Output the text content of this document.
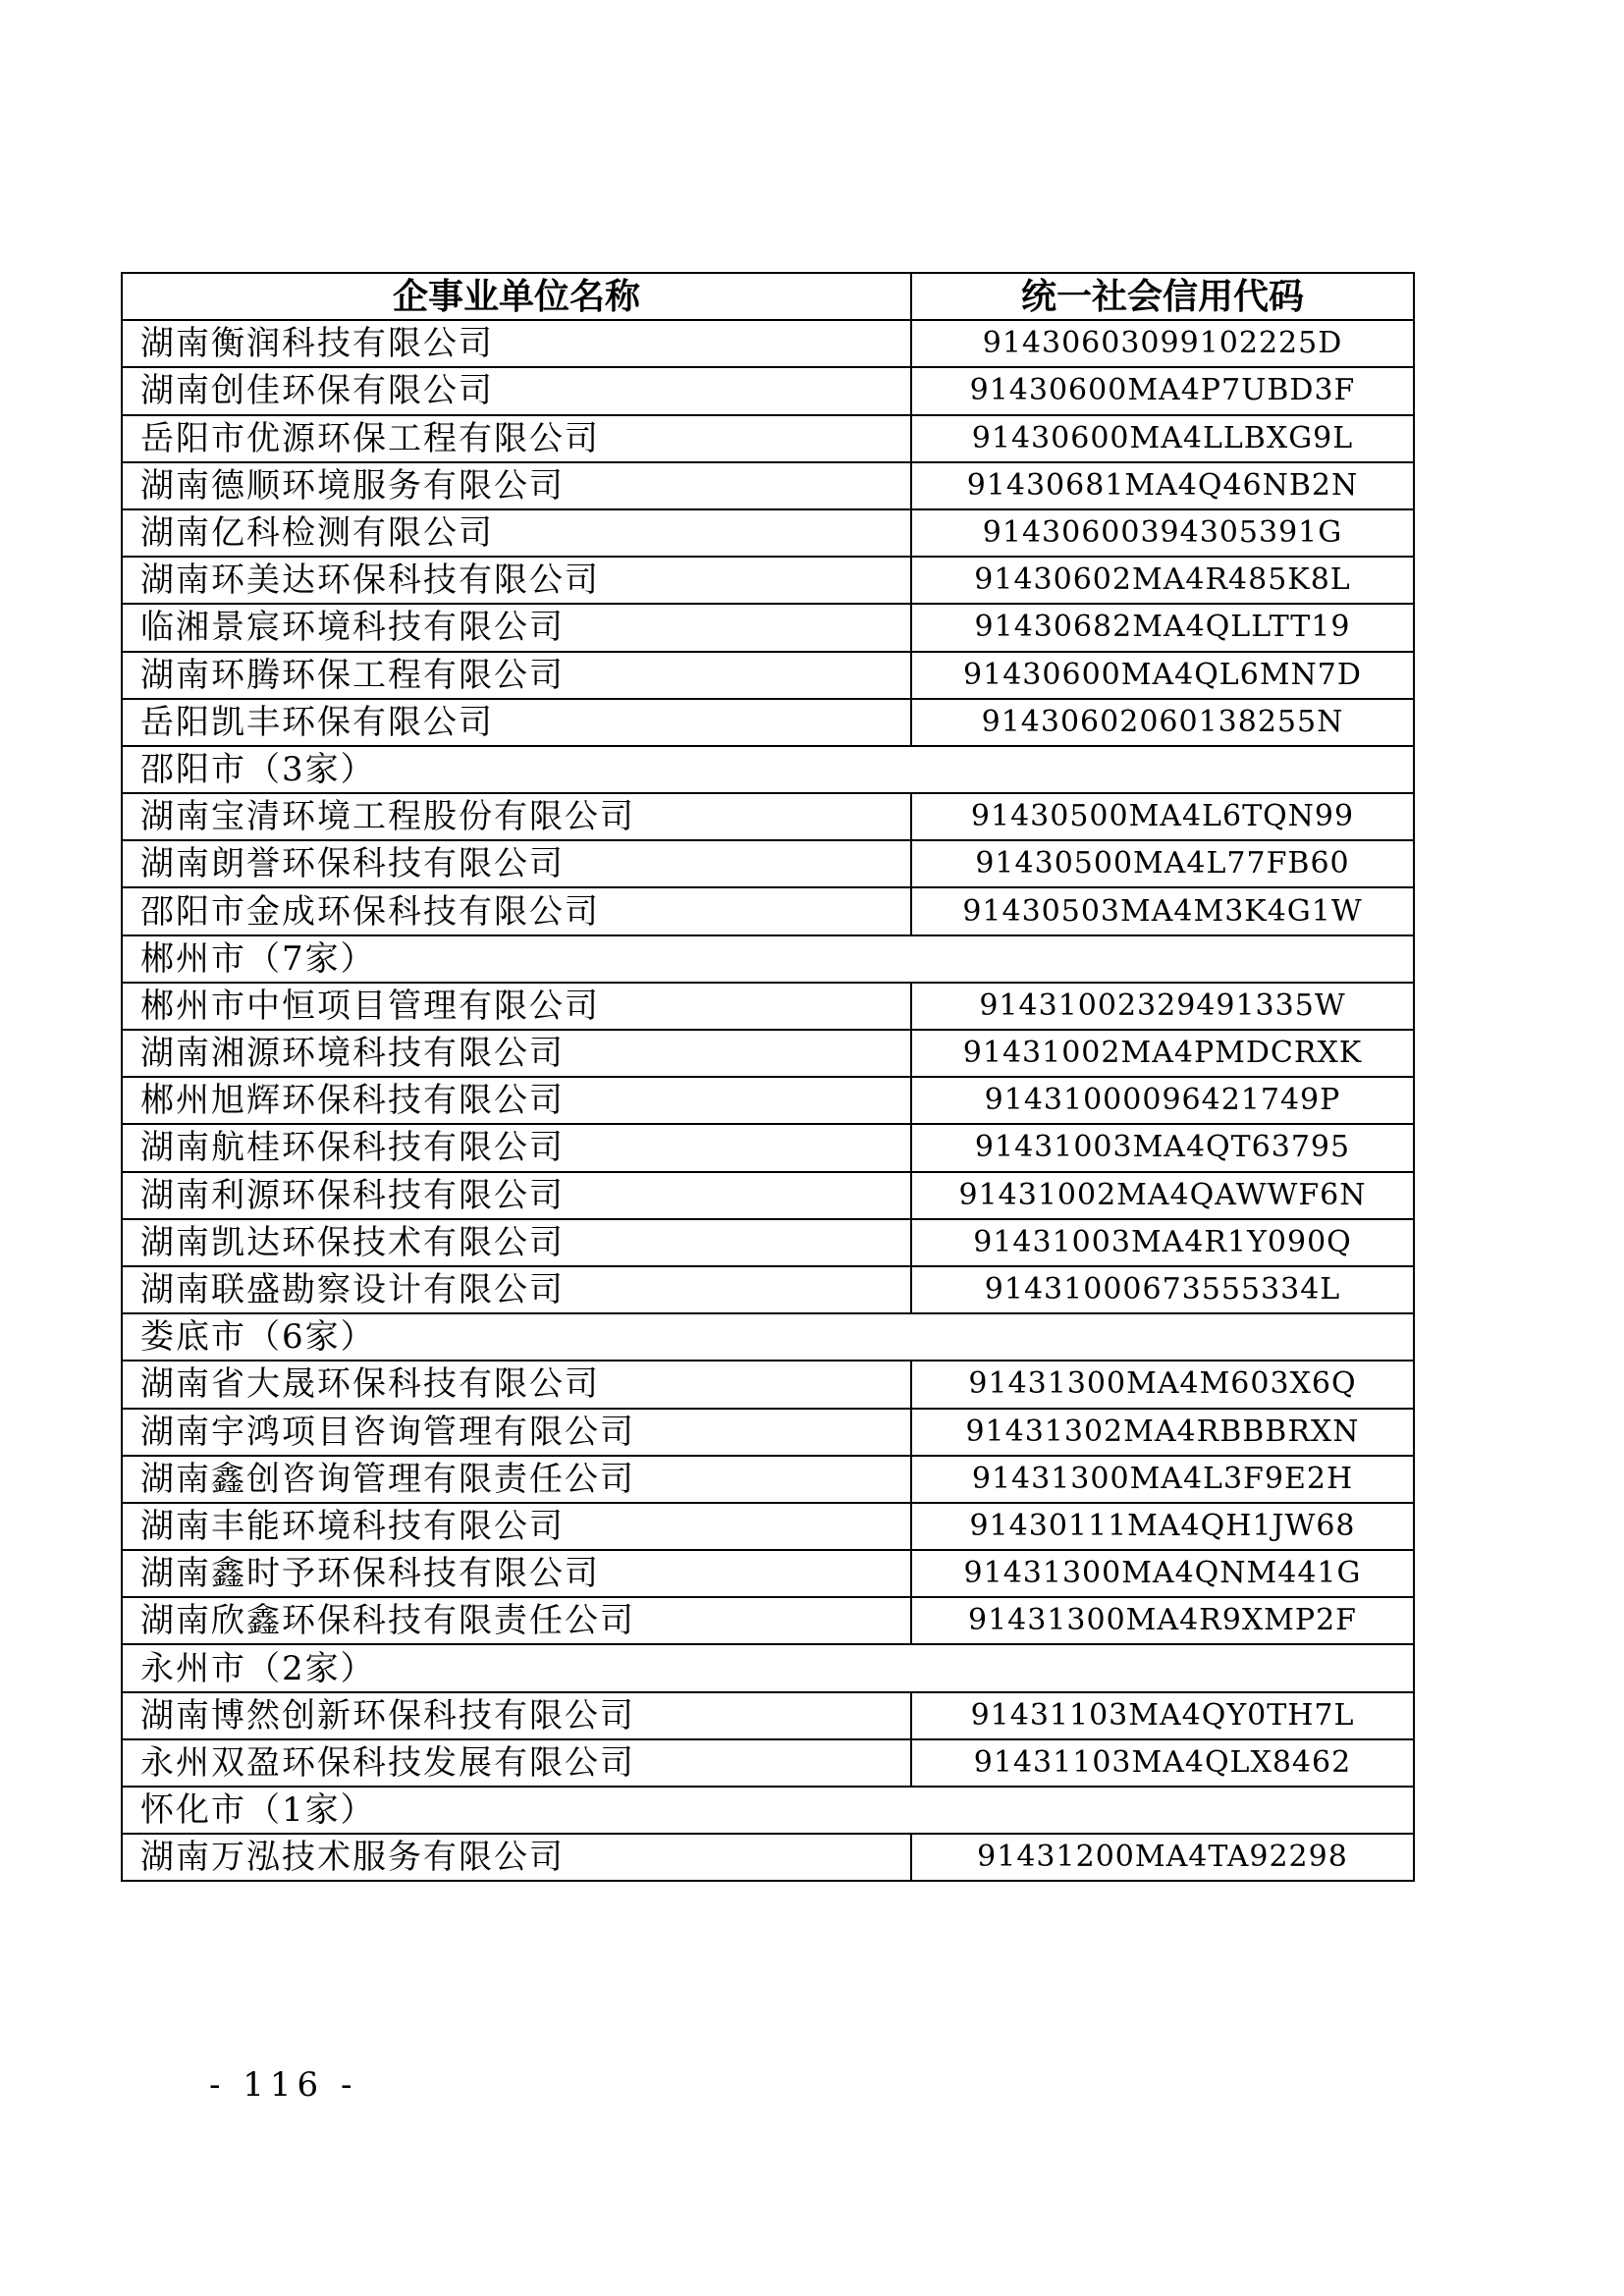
企事业单位名称	统一社会信用代码
湖南衡润科技有限公司	91430603099102225D
湖南创佳环保有限公司	91430600MA4P7UBD3F
岳阳市优源环保工程有限公司	91430600MA4LLBXG9L
湖南德顺环境服务有限公司	91430681MA4Q46NB2N
湖南亿科检测有限公司	91430600394305391G
湖南环美达环保科技有限公司	91430602MA4R485K8L
临湘景宸环境科技有限公司	91430682MA4QLLTT19
湖南环腾环保工程有限公司	91430600MA4QL6MN7D
岳阳凯丰环保有限公司	91430602060138255N
邵阳市（3家）	
湖南宝清环境工程股份有限公司	91430500MA4L6TQN99
湖南朗誉环保科技有限公司	91430500MA4L77FB60
邵阳市金成环保科技有限公司	91430503MA4M3K4G1W
郴州市（7家）	
郴州市中恒项目管理有限公司	91431002329491335W
湖南湘源环境科技有限公司	91431002MA4PMDCRXK
郴州旭辉环保科技有限公司	91431000096421749P
湖南航桂环保科技有限公司	91431003MA4QT63795
湖南利源环保科技有限公司	91431002MA4QAWWF6N
湖南凯达环保技术有限公司	91431003MA4R1Y090Q
湖南联盛勘察设计有限公司	91431000673555334L
娄底市（6家）	
湖南省大晟环保科技有限公司	91431300MA4M603X6Q
湖南宇鸿项目咨询管理有限公司	91431302MA4RBBBRXN
湖南鑫创咨询管理有限责任公司	91431300MA4L3F9E2H
湖南丰能环境科技有限公司	91430111MA4QH1JW68
湖南鑫时予环保科技有限公司	91431300MA4QNM441G
湖南欣鑫环保科技有限责任公司	91431300MA4R9XMP2F
永州市（2家）	
湖南博然创新环保科技有限公司	91431103MA4QY0TH7L
永州双盈环保科技发展有限公司	91431103MA4QLX8462
怀化市（1家）	
湖南万泓技术服务有限公司	91431200MA4TA92298
- 116 -
